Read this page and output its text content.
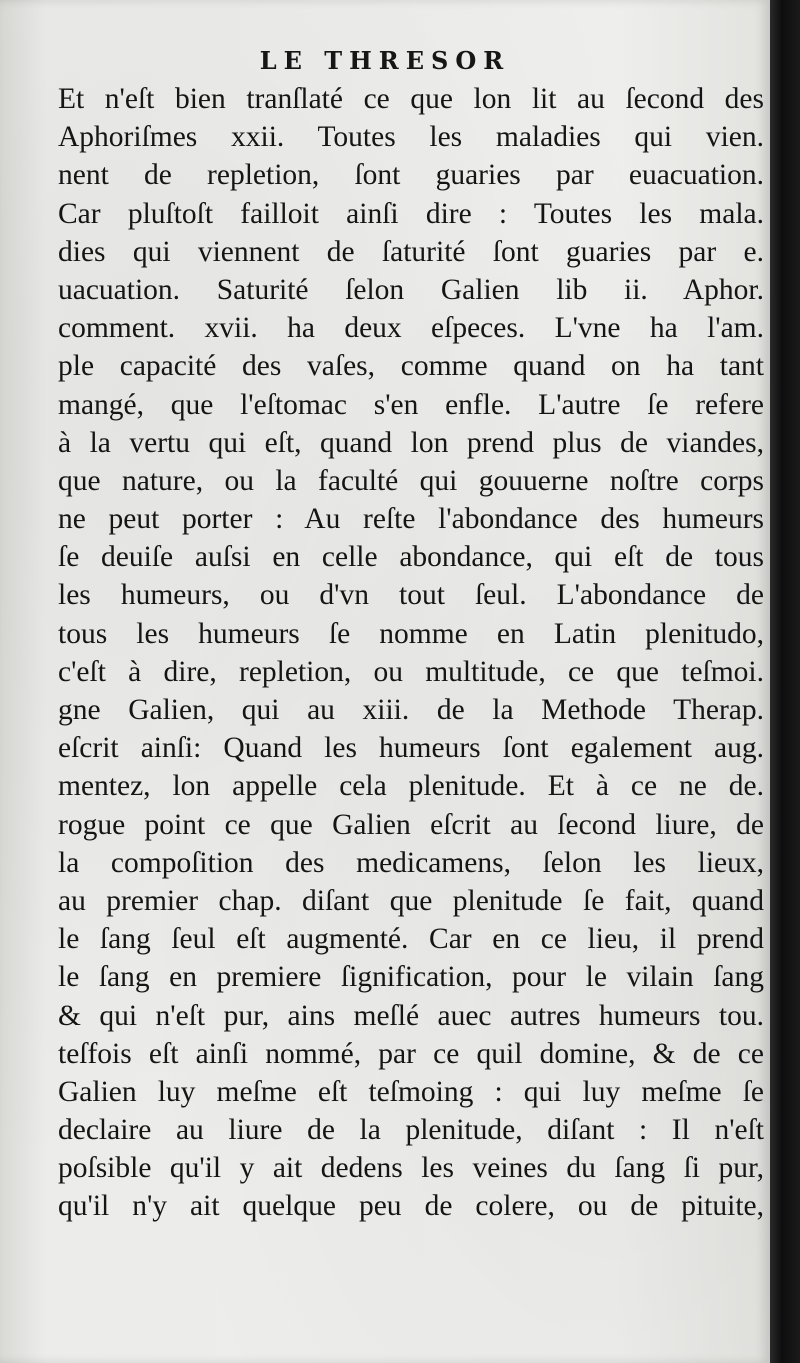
LE THRESOR
Et n'eſt bien tranſlaté ce que lon lit au ſecond des
Aphoriſmes xxii. Toutes les maladies qui vien.
nent de repletion, ſont guaries par euacuation.
Car pluſtoſt failloit ainſi dire : Toutes les mala.
dies qui viennent de ſaturité ſont guaries par e.
uacuation. Saturité ſelon Galien lib ii. Aphor.
comment. xvii. ha deux eſpeces. L'vne ha l'am.
ple capacité des vaſes, comme quand on ha tant
mangé, que l'eſtomac s'en enfle. L'autre ſe refere
à la vertu qui eſt, quand lon prend plus de viandes,
que nature, ou la faculté qui gouuerne noſtre corps
ne peut porter : Au reſte l'abondance des humeurs
ſe deuiſe auſsi en celle abondance, qui eſt de tous
les humeurs, ou d'vn tout ſeul. L'abondance de
tous les humeurs ſe nomme en Latin plenitudo,
c'eſt à dire, repletion, ou multitude, ce que teſmoi.
gne Galien, qui au xiii. de la Methode Therap.
eſcrit ainſi: Quand les humeurs ſont egalement aug.
mentez, lon appelle cela plenitude. Et à ce ne de.
rogue point ce que Galien eſcrit au ſecond liure, de
la compoſition des medicamens, ſelon les lieux,
au premier chap. diſant que plenitude ſe fait, quand
le ſang ſeul eſt augmenté. Car en ce lieu, il prend
le ſang en premiere ſignification, pour le vilain ſang
& qui n'eſt pur, ains meſlé auec autres humeurs tou.
teſfois eſt ainſi nommé, par ce quil domine, & de ce
Galien luy meſme eſt teſmoing : qui luy meſme ſe
declaire au liure de la plenitude, diſant : Il n'eſt
poſsible qu'il y ait dedens les veines du ſang ſi pur,
qu'il n'y ait quelque peu de colere, ou de pituite,
